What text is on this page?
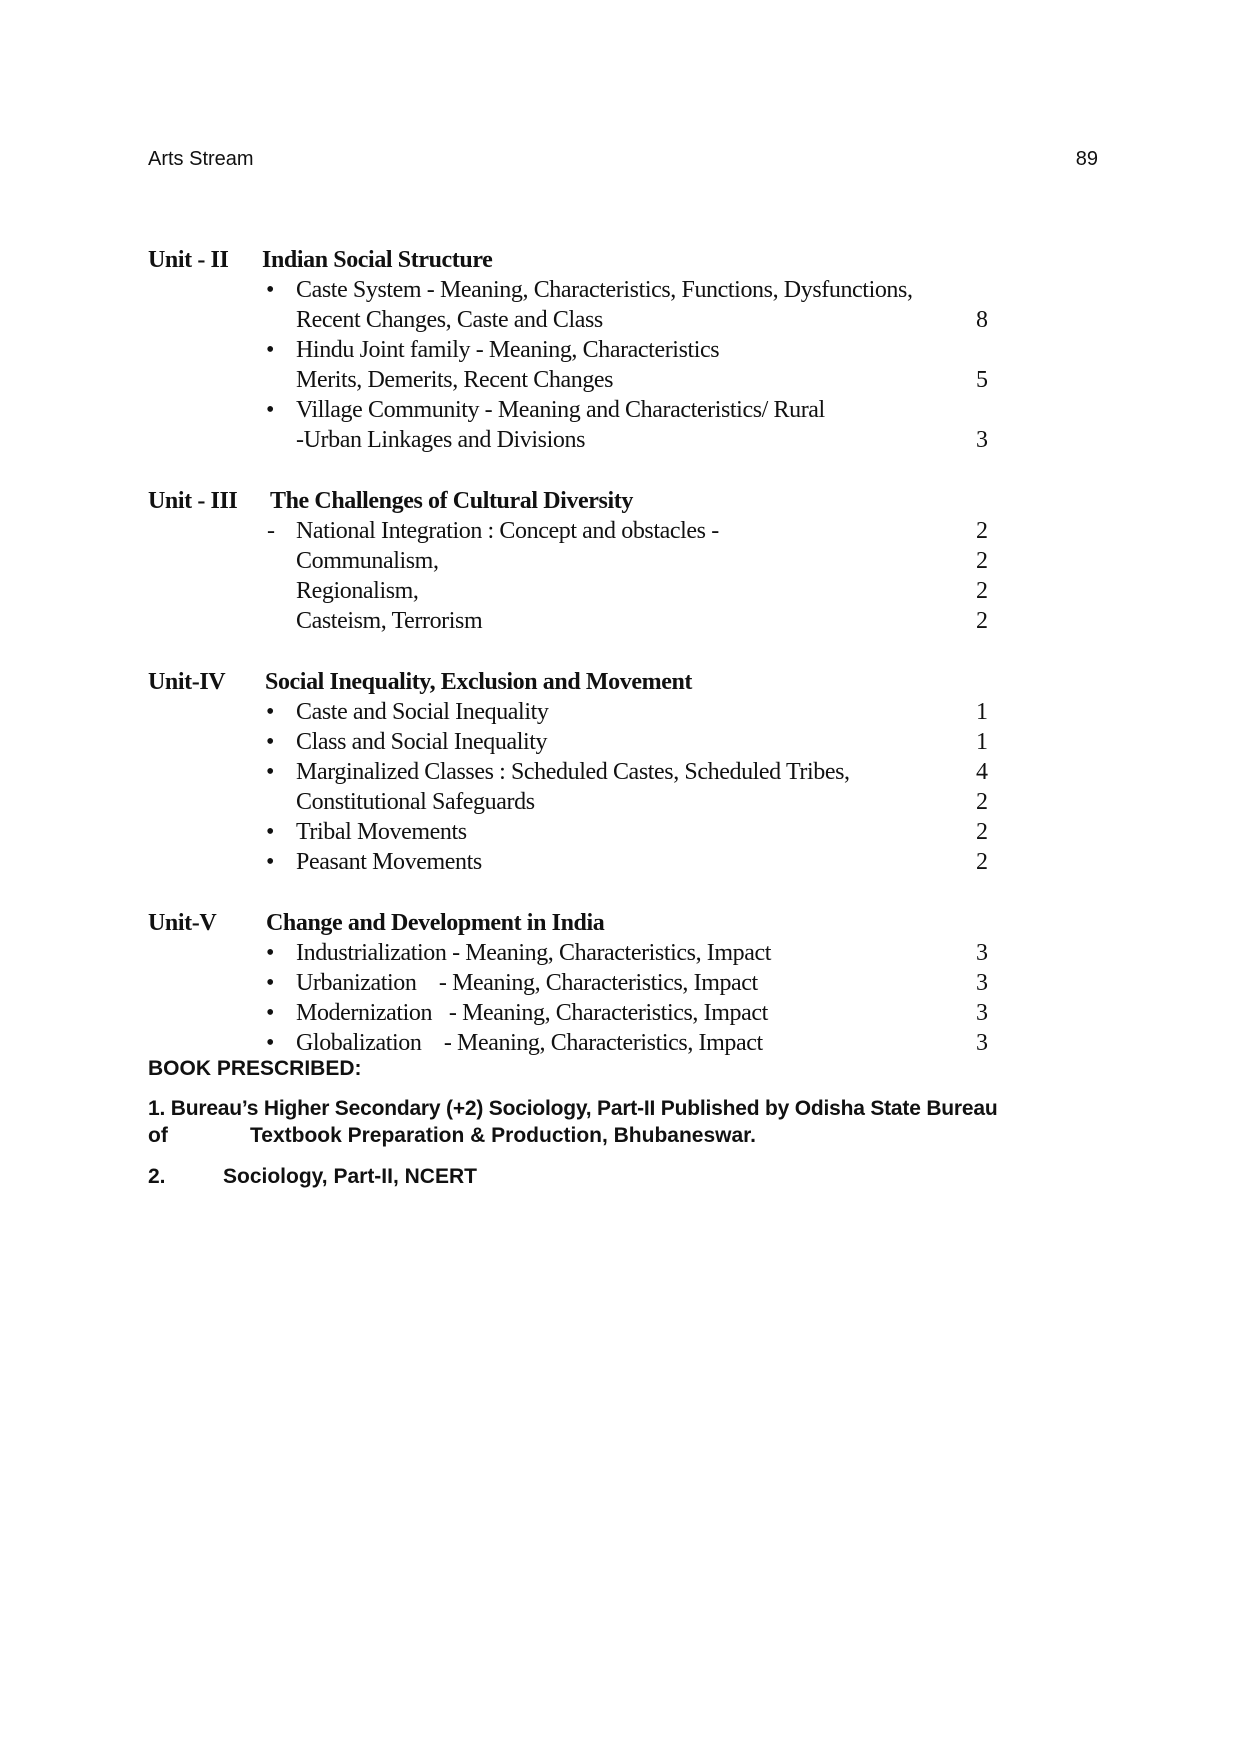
Arts Stream	89
Unit - II Indian Social Structure
• Caste System - Meaning, Characteristics, Functions, Dysfunctions,
Recent Changes, Caste and Class	8
• Hindu Joint family - Meaning, Characteristics
Merits, Demerits, Recent Changes	5
• Village Community - Meaning and Characteristics/ Rural
-Urban Linkages and Divisions	3
Unit - III The Challenges of Cultural Diversity
- National Integration : Concept and obstacles -	2
Communalism,	2
Regionalism,	2
Casteism, Terrorism	2
Unit-IV Social Inequality, Exclusion and Movement
• Caste and Social Inequality	1
• Class and Social Inequality	1
• Marginalized Classes : Scheduled Castes, Scheduled Tribes,	4
Constitutional Safeguards	2
• Tribal Movements	2
• Peasant Movements	2
Unit-V Change and Development in India
• Industrialization - Meaning, Characteristics, Impact	3
• Urbanization    - Meaning, Characteristics, Impact	3
• Modernization   - Meaning, Characteristics, Impact	3
• Globalization    - Meaning, Characteristics, Impact	3
BOOK PRESCRIBED:
1. Bureau’s Higher Secondary (+2) Sociology, Part-II Published by Odisha State Bureau
of	Textbook Preparation & Production, Bhubaneswar.
2.	Sociology, Part-II, NCERT
